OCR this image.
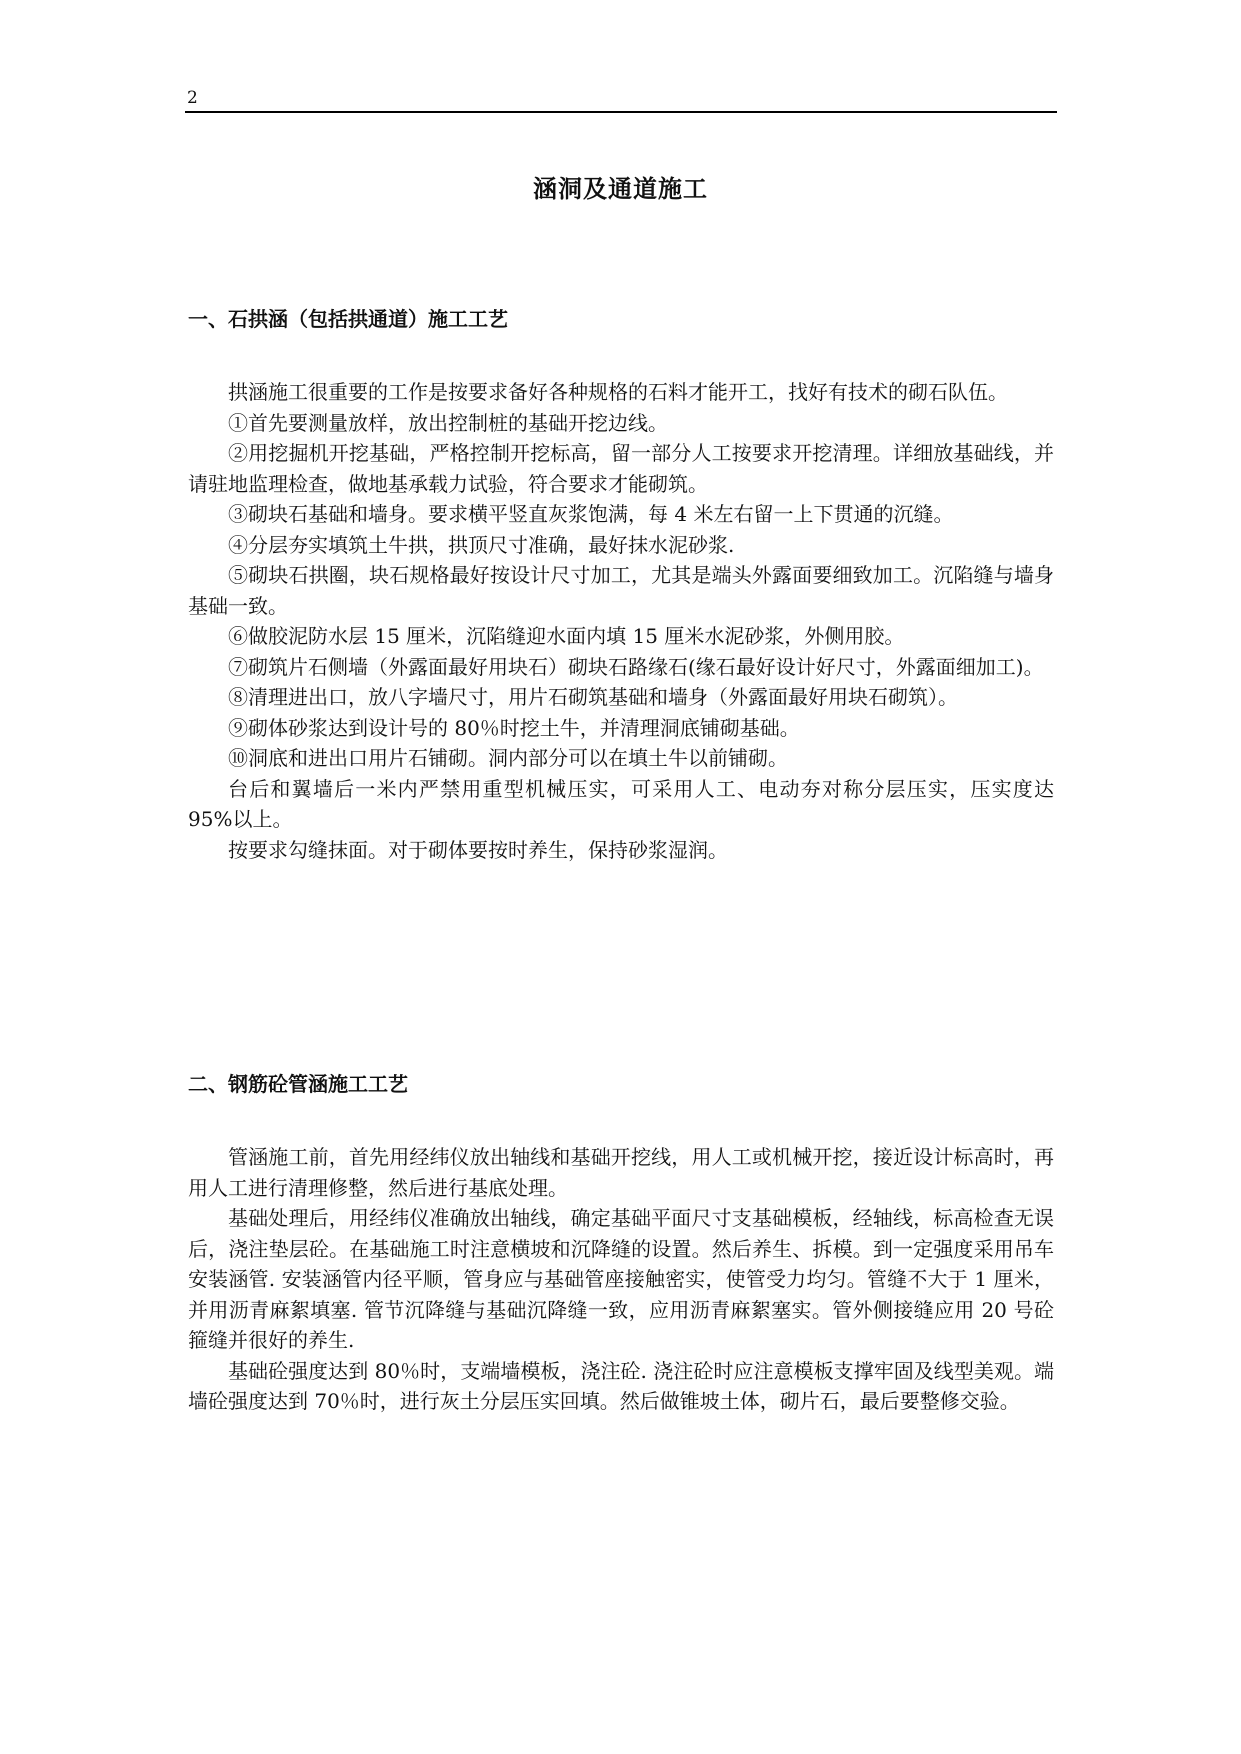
2
涵洞及通道施工
一、石拱涵（包括拱通道）施工工艺

拱涵施工很重要的工作是按要求备好各种规格的石料才能开工，找好有技术的砌石队伍。

①首先要测量放样，放出控制桩的基础开挖边线。

②用挖掘机开挖基础，严格控制开挖标高，留一部分人工按要求开挖清理。详细放基础线，并请驻地监理检查，做地基承载力试验，符合要求才能砌筑。

③砌块石基础和墙身。要求横平竖直灰浆饱满，每 4 米左右留一上下贯通的沉缝。

④分层夯实填筑土牛拱，拱顶尺寸准确，最好抹水泥砂浆.

⑤砌块石拱圈，块石规格最好按设计尺寸加工，尤其是端头外露面要细致加工。沉陷缝与墙身基础一致。

⑥做胶泥防水层 15 厘米，沉陷缝迎水面内填 15 厘米水泥砂浆，外侧用胶。

⑦砌筑片石侧墙（外露面最好用块石）砌块石路缘石(缘石最好设计好尺寸，外露面细加工)。

⑧清理进出口，放八字墙尺寸，用片石砌筑基础和墙身（外露面最好用块石砌筑）。

⑨砌体砂浆达到设计号的 80％时挖土牛，并清理洞底铺砌基础。

⑩洞底和进出口用片石铺砌。洞内部分可以在填土牛以前铺砌。

台后和翼墙后一米内严禁用重型机械压实，可采用人工、电动夯对称分层压实，压实度达 95%以上。

按要求勾缝抹面。对于砌体要按时养生，保持砂浆湿润。

二、钢筋砼管涵施工工艺

管涵施工前，首先用经纬仪放出轴线和基础开挖线，用人工或机械开挖，接近设计标高时，再用人工进行清理修整，然后进行基底处理。

基础处理后，用经纬仪准确放出轴线，确定基础平面尺寸支基础模板，经轴线，标高检查无误后，浇注垫层砼。在基础施工时注意横坡和沉降缝的设置。然后养生、拆模。到一定强度采用吊车安装涵管. 安装涵管内径平顺，管身应与基础管座接触密实，使管受力均匀。管缝不大于 1 厘米，并用沥青麻絮填塞. 管节沉降缝与基础沉降缝一致，应用沥青麻絮塞实。管外侧接缝应用 20 号砼箍缝并很好的养生.

基础砼强度达到 80％时，支端墙模板，浇注砼. 浇注砼时应注意模板支撑牢固及线型美观。端墙砼强度达到 70％时，进行灰土分层压实回填。然后做锥坡土体，砌片石，最后要整修交验。
